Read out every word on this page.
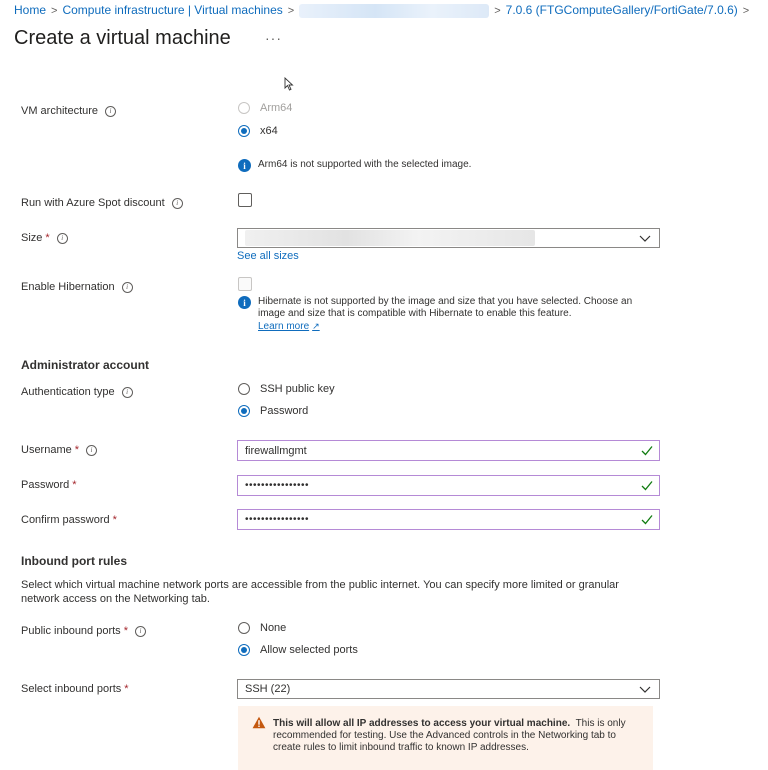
Home > Compute infrastructure | Virtual machines >	> 7.0.6 (FTGComputeGallery/FortiGate/7.0.6) >
Create a virtual machine ···
VM architecture i	Arm64
x64
i	Arm64 is not supported with the selected image.
Run with Azure Spot discount i
Size * i
See all sizes
Enable Hibernation i
i	Hibernate is not supported by the image and size that you have selected. Choose an image and size that is compatible with Hibernate to enable this feature.
Learn more ↗
Administrator account
Authentication type i	SSH public key
Password
Username * i	firewallmgmt
Password *	••••••••••••••••
Confirm password *	••••••••••••••••
Inbound port rules
Select which virtual machine network ports are accessible from the public internet. You can specify more limited or granular network access on the Networking tab.
Public inbound ports * i	None
Allow selected ports
Select inbound ports *	SSH (22)
This will allow all IP addresses to access your virtual machine. This is only recommended for testing. Use the Advanced controls in the Networking tab to create rules to limit inbound traffic to known IP addresses.
